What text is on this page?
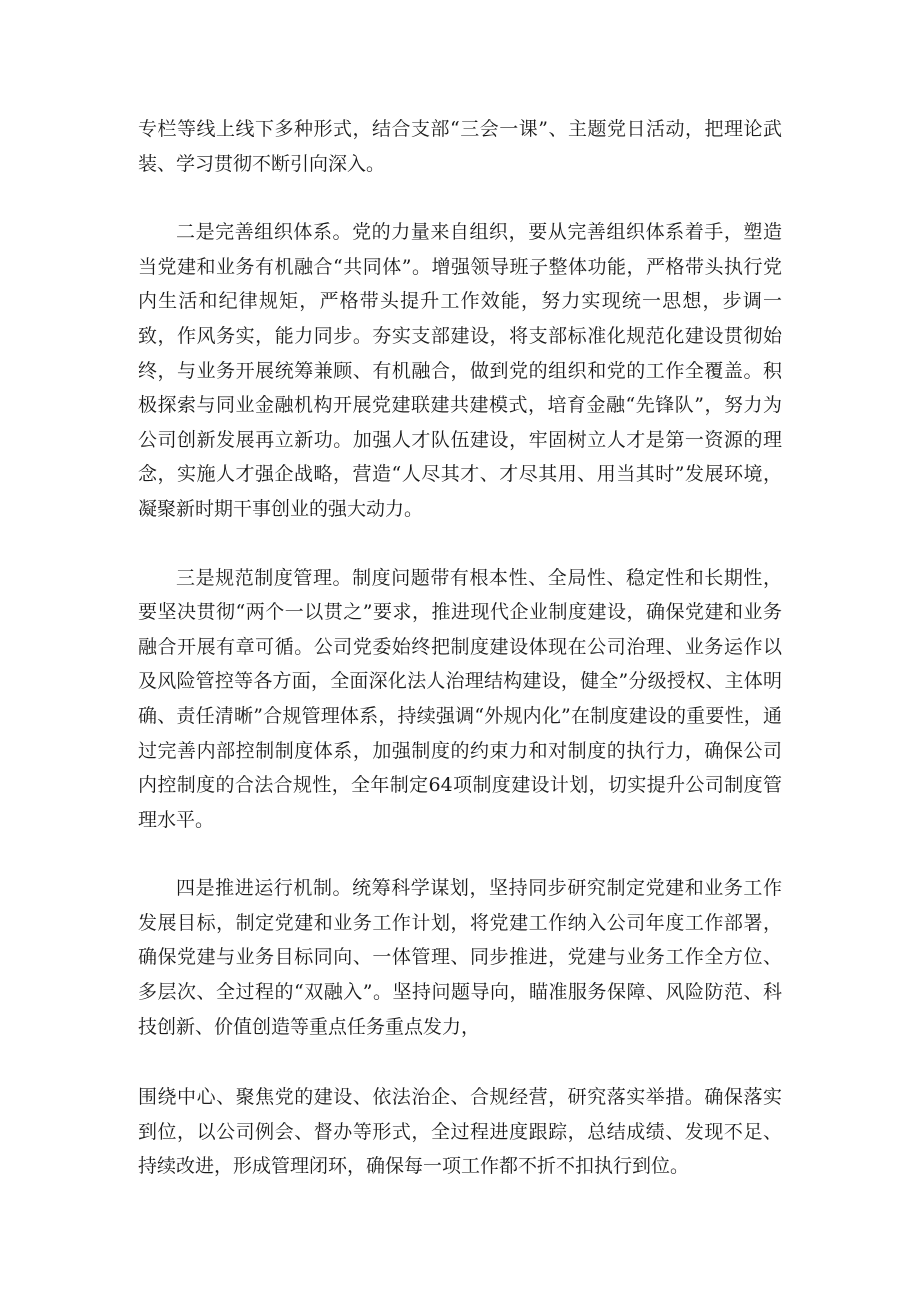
专栏等线上线下多种形式，结合支部“三会一课”、主题党日活动，把理论武装、学习贯彻不断引向深入。

二是完善组织体系。党的力量来自组织，要从完善组织体系着手，塑造当党建和业务有机融合“共同体”。增强领导班子整体功能，严格带头执行党内生活和纪律规矩，严格带头提升工作效能，努力实现统一思想，步调一致，作风务实，能力同步。夯实支部建设，将支部标准化规范化建设贯彻始终，与业务开展统筹兼顾、有机融合，做到党的组织和党的工作全覆盖。积极探索与同业金融机构开展党建联建共建模式，培育金融“先锋队”，努力为公司创新发展再立新功。加强人才队伍建设，牢固树立人才是第一资源的理念，实施人才强企战略，营造“人尽其才、才尽其用、用当其时”发展环境，凝聚新时期干事创业的强大动力。

三是规范制度管理。制度问题带有根本性、全局性、稳定性和长期性，要坚决贯彻“两个一以贯之”要求，推进现代企业制度建设，确保党建和业务融合开展有章可循。公司党委始终把制度建设体现在公司治理、业务运作以及风险管控等各方面，全面深化法人治理结构建设，健全”分级授权、主体明确、责任清晰”合规管理体系，持续强调“外规内化”在制度建设的重要性，通过完善内部控制制度体系，加强制度的约束力和对制度的执行力，确保公司内控制度的合法合规性，全年制定64项制度建设计划，切实提升公司制度管理水平。

四是推进运行机制。统筹科学谋划，坚持同步研究制定党建和业务工作发展目标，制定党建和业务工作计划，将党建工作纳入公司年度工作部署，确保党建与业务目标同向、一体管理、同步推进，党建与业务工作全方位、多层次、全过程的“双融入”。坚持问题导向，瞄准服务保障、风险防范、科技创新、价值创造等重点任务重点发力，

围绕中心、聚焦党的建设、依法治企、合规经营，研究落实举措。确保落实到位，以公司例会、督办等形式，全过程进度跟踪，总结成绩、发现不足、持续改进，形成管理闭环，确保每一项工作都不折不扣执行到位。
